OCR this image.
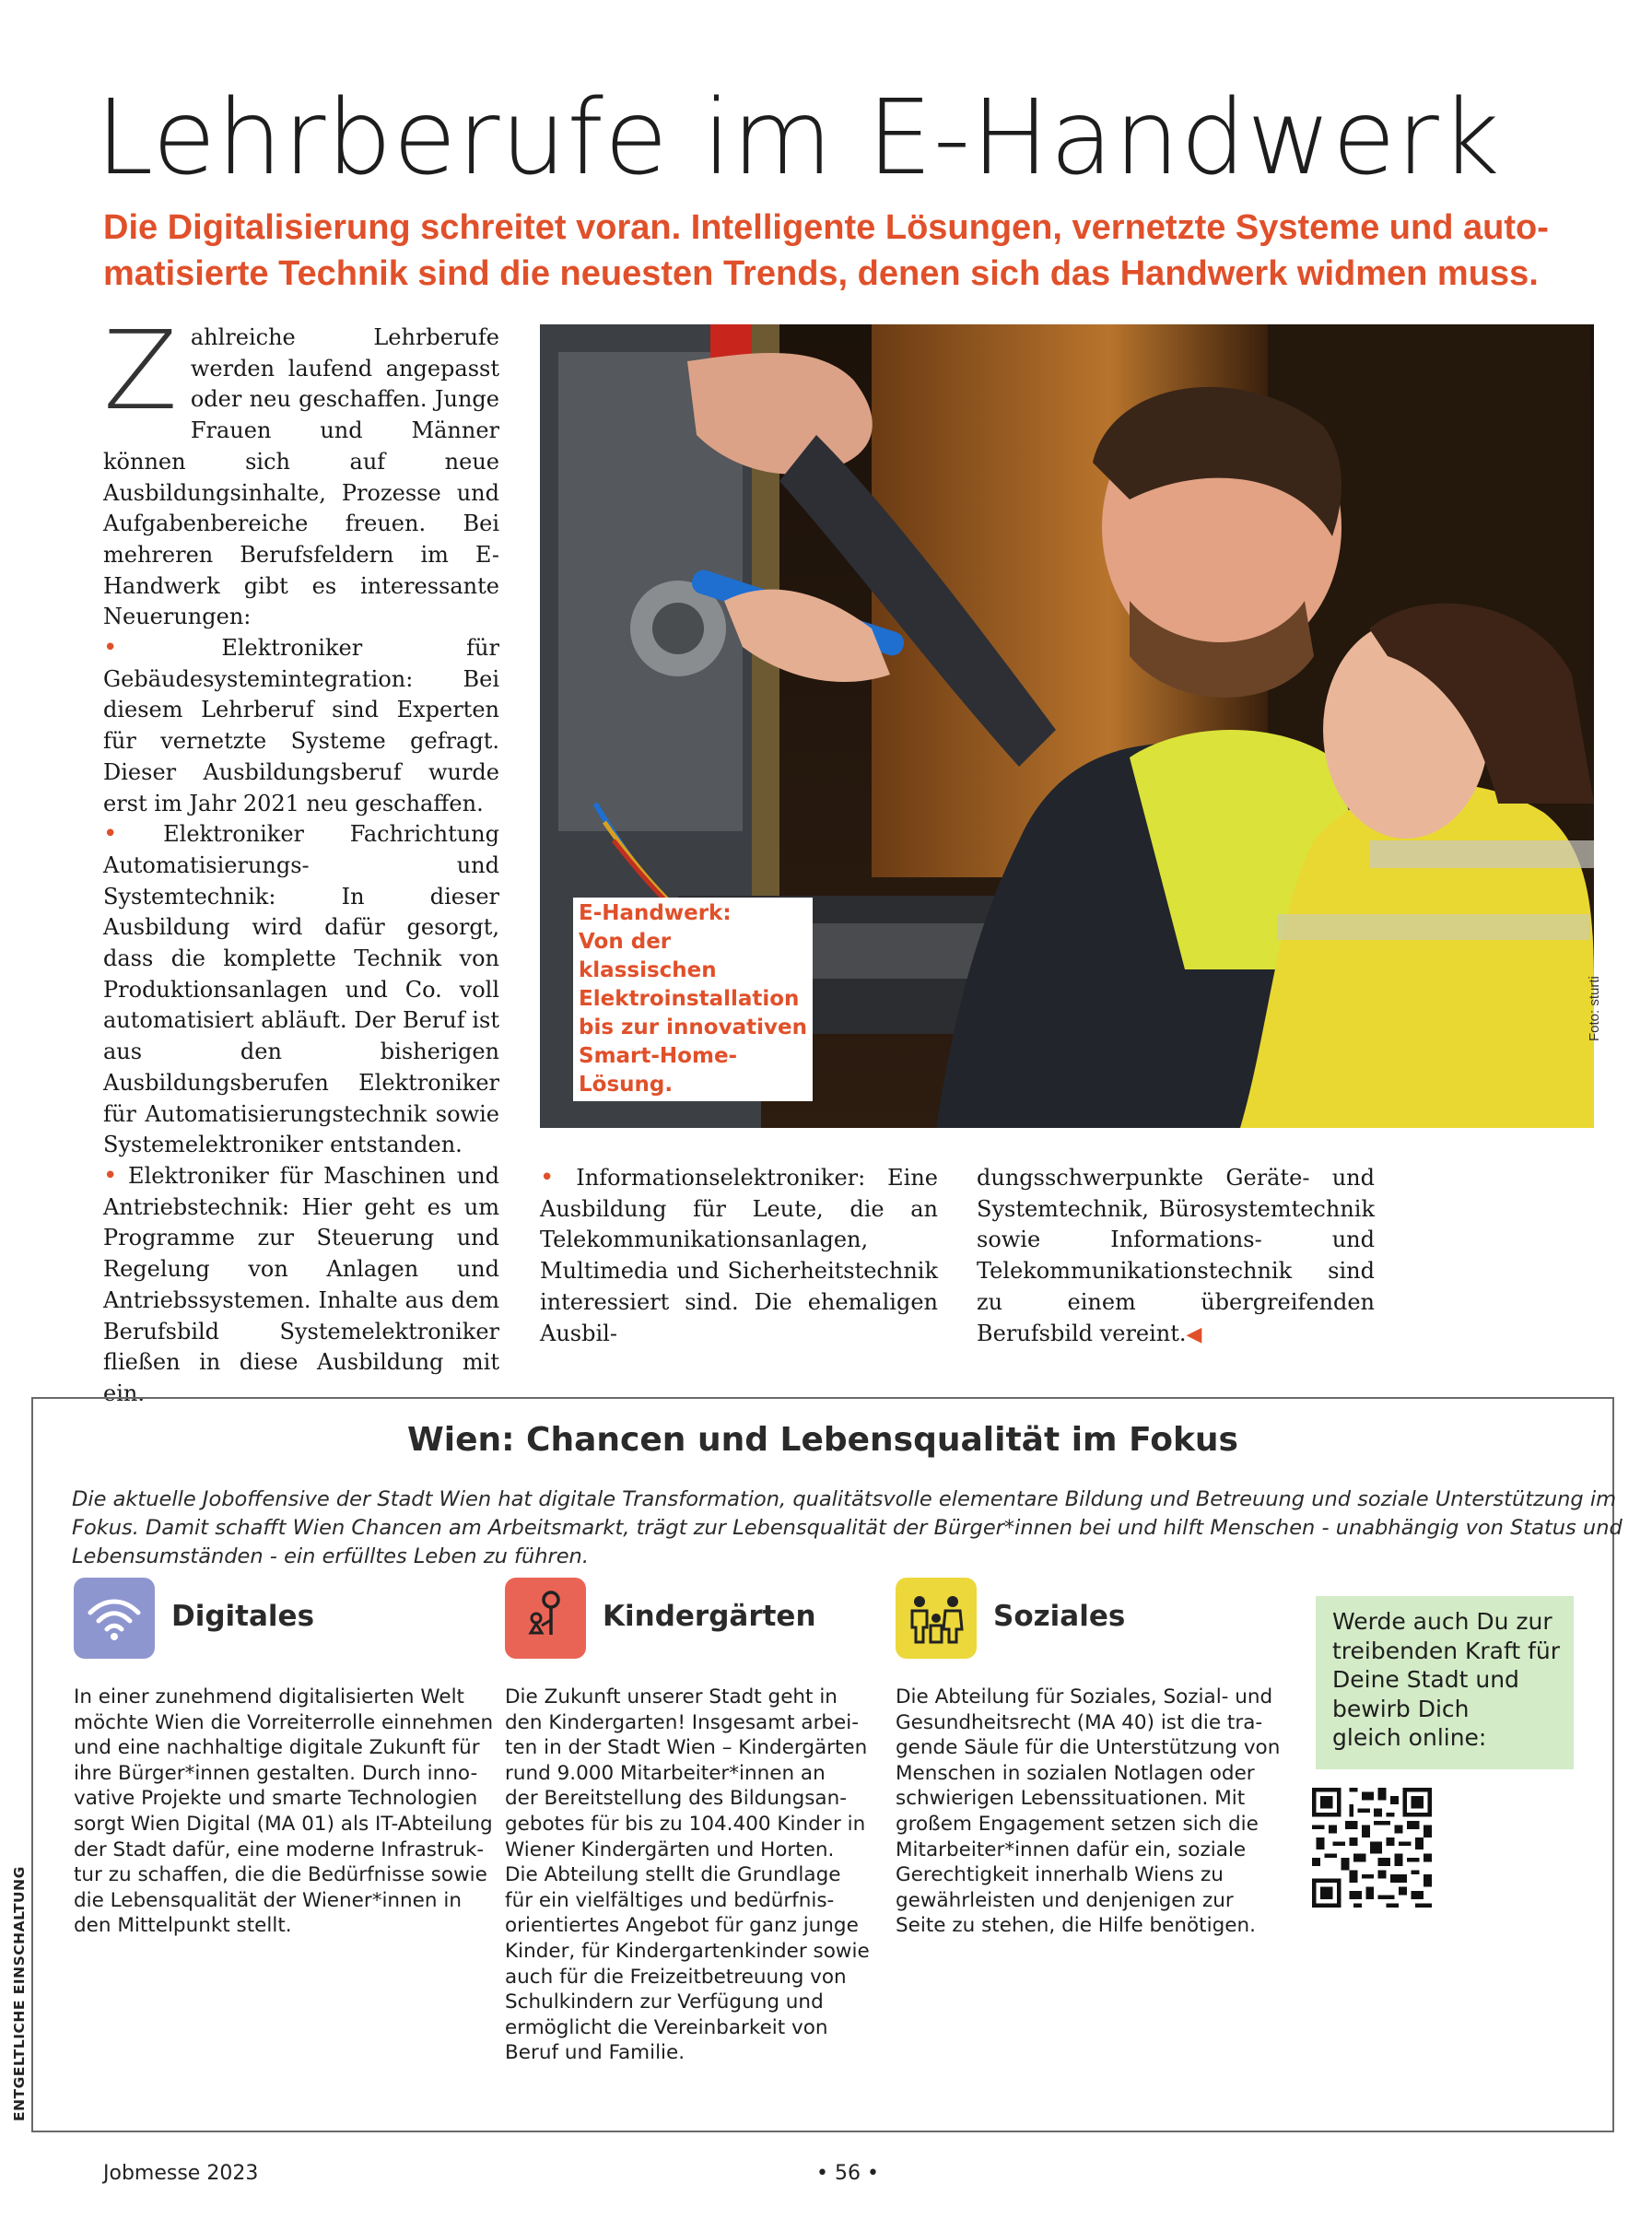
Lehrberufe im E-Handwerk
Die Digitalisierung schreitet voran. Intelligente Lösungen, vernetzte Systeme und auto-
matisierte Technik sind die neuesten Trends, denen sich das Handwerk widmen muss.

Zahlreiche Lehrberufe werden laufend angepasst oder neu geschaffen. Junge Frauen und Männer können sich auf neue Ausbildungsinhalte, Prozesse und Aufgabenbereiche freuen. Bei mehreren Berufsfeldern im E-Handwerk gibt es interessante Neuerungen:

•	Elektroniker für Gebäudesystemintegration: Bei diesem Lehrberuf sind Experten für vernetzte Systeme gefragt. Dieser Ausbildungsberuf wurde erst im Jahr 2021 neu geschaffen.

• Elektroniker Fachrichtung Automatisierungs- und Systemtechnik: In dieser Ausbildung wird dafür gesorgt, dass die komplette Technik von Produktionsanlagen und Co. voll automatisiert abläuft. Der Beruf ist aus den bisherigen Ausbildungsberufen Elektroniker für Automatisierungstechnik sowie Systemelektroniker entstanden.

• Elektroniker für Maschinen und Antriebstechnik: Hier geht es um Programme zur Steuerung und Regelung von Anlagen und Antriebssystemen. Inhalte aus dem Berufsbild Systemelektroniker fließen in diese Ausbildung mit ein.

E-Handwerk:
Von der
klassischen
Elektroinstallation
bis zur innovativen
Smart-Home-
Lösung.
Foto: sturti

• Informationselektroniker: Eine Ausbildung für Leute, die an Telekommunikationsanlagen, Multimedia und Sicherheitstechnik interessiert sind. Die ehemaligen Ausbil-

dungsschwerpunkte Geräte- und Systemtechnik, Bürosystemtechnik sowie Informations- und Telekommunikationstechnik sind zu einem übergreifenden Berufsbild vereint.◀

Wien: Chancen und Lebensqualität im Fokus
Die aktuelle Joboffensive der Stadt Wien hat digitale Transformation, qualitätsvolle elementare Bildung und Betreuung und soziale Unterstützung im
Fokus. Damit schafft Wien Chancen am Arbeitsmarkt, trägt zur Lebensqualität der Bürger*innen bei und hilft Menschen - unabhängig von Status und
Lebensumständen - ein erfülltes Leben zu führen.
Digitales
In einer zunehmend digitalisierten Welt
möchte Wien die Vorreiterrolle einnehmen
und eine nachhaltige digitale Zukunft für
ihre Bürger*innen gestalten. Durch inno-
vative Projekte und smarte Technologien
sorgt Wien Digital (MA 01) als IT-Abteilung
der Stadt dafür, eine moderne Infrastruk-
tur zu schaffen, die die Bedürfnisse sowie
die Lebensqualität der Wiener*innen in
den Mittelpunkt stellt.
Kindergärten
Die Zukunft unserer Stadt geht in
den Kindergarten! Insgesamt arbei-
ten in der Stadt Wien – Kindergärten
rund 9.000 Mitarbeiter*innen an
der Bereitstellung des Bildungsan-
gebotes für bis zu 104.400 Kinder in
Wiener Kindergärten und Horten.
Die Abteilung stellt die Grundlage
für ein vielfältiges und bedürfnis-
orientiertes Angebot für ganz junge
Kinder, für Kindergartenkinder sowie
auch für die Freizeitbetreuung von
Schulkindern zur Verfügung und
ermöglicht die Vereinbarkeit von
Beruf und Familie.
Soziales
Die Abteilung für Soziales, Sozial- und
Gesundheitsrecht (MA 40) ist die tra-
gende Säule für die Unterstützung von
Menschen in sozialen Notlagen oder
schwierigen Lebenssituationen. Mit
großem Engagement setzen sich die
Mitarbeiter*innen dafür ein, soziale
Gerechtigkeit innerhalb Wiens zu
gewährleisten und denjenigen zur
Seite zu stehen, die Hilfe benötigen.
Werde auch Du zur
treibenden Kraft für
Deine Stadt und
bewirb Dich
gleich online:
ENTGELTLICHE EINSCHALTUNG
Jobmesse 2023	• 56 •
